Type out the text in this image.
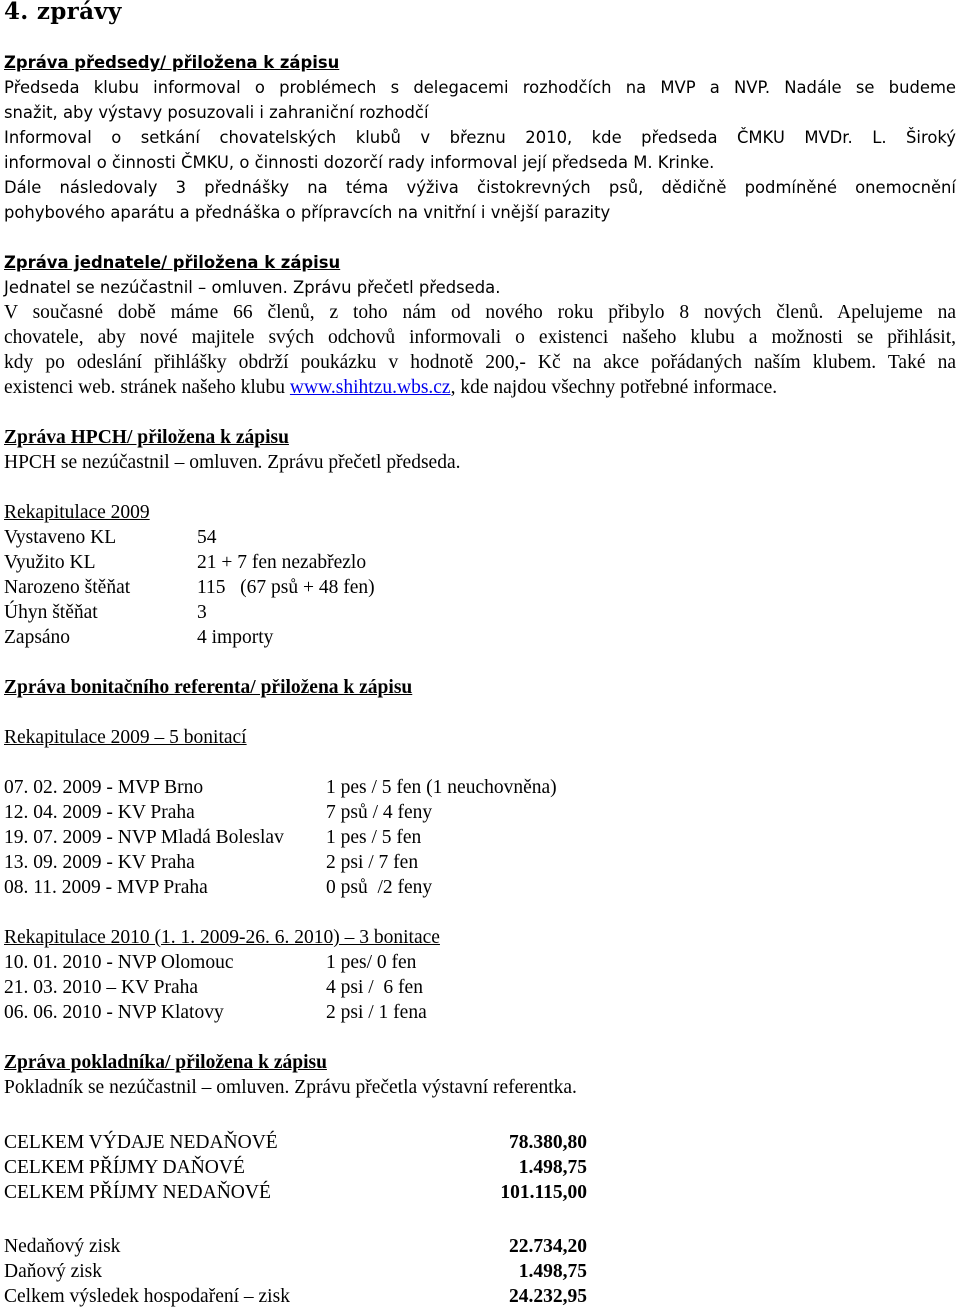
4. zprávy

Zpráva předsedy/ přiložena k zápisu

Předseda klubu informoval o problémech s delegacemi rozhodčích na MVP a NVP. Nadále se budeme

snažit, aby výstavy posuzovali i zahraniční rozhodčí

Informoval o setkání chovatelských klubů v březnu 2010, kde předseda ČMKU MVDr. L. Široký

informoval o činnosti ČMKU, o činnosti dozorčí rady informoval její předseda M. Krinke.

Dále následovaly 3 přednášky na téma výživa čistokrevných psů, dědičně podmíněné onemocnění

pohybového aparátu a přednáška o přípravcích na vnitřní i vnější parazity

Zpráva jednatele/ přiložena k zápisu

Jednatel se nezúčastnil – omluven. Zprávu přečetl předseda.

V současné době máme 66 členů, z toho nám od nového roku přibylo 8 nových členů. Apelujeme na

chovatele, aby nové majitele svých odchovů informovali o existenci našeho klubu a možnosti se přihlásit,

kdy po odeslání přihlášky obdrží poukázku v hodnotě 200,- Kč na akce pořádaných naším klubem. Také na

existenci web. stránek našeho klubu www.shihtzu.wbs.cz, kde najdou všechny potřebné informace.

Zpráva HPCH/ přiložena k zápisu

HPCH se nezúčastnil – omluven. Zprávu přečetl předseda.

Rekapitulace 2009

Vystaveno KL	54
Využito KL	21 + 7 fen nezabřezlo
Narozeno štěňat	115   (67 psů + 48 fen)
Úhyn štěňat	3
Zapsáno	4 importy

Zpráva bonitačního referenta/ přiložena k zápisu

Rekapitulace 2009 – 5 bonitací

07. 02. 2009 - MVP Brno	1 pes / 5 fen (1 neuchovněna)
12. 04. 2009 - KV Praha	7 psů / 4 feny
19. 07. 2009 - NVP Mladá Boleslav	1 pes / 5 fen
13. 09. 2009 - KV Praha	2 psi / 7 fen
08. 11. 2009 - MVP Praha	0 psů  /2 feny

Rekapitulace 2010 (1. 1. 2009-26. 6. 2010) – 3 bonitace

10. 01. 2010 - NVP Olomouc	1 pes/ 0 fen
21. 03. 2010 – KV Praha	4 psi /  6 fen
06. 06. 2010 - NVP Klatovy	2 psi / 1 fena

Zpráva pokladníka/ přiložena k zápisu

Pokladník se nezúčastnil – omluven. Zprávu přečetla výstavní referentka.

CELKEM VÝDAJE NEDAŇOVÉ	78.380,80
CELKEM PŘÍJMY DAŇOVÉ	1.498,75
CELKEM PŘÍJMY NEDAŇOVÉ	101.115,00
Nedaňový zisk	22.734,20
Daňový zisk	1.498,75
Celkem výsledek hospodaření – zisk	24.232,95
